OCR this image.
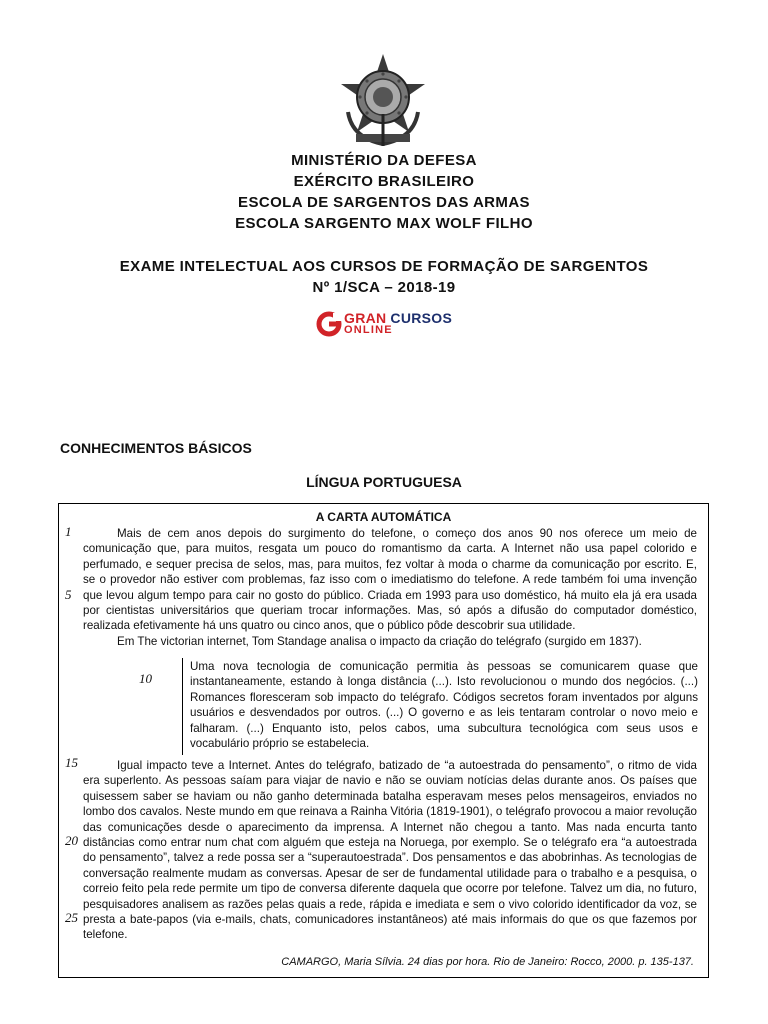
MINISTÉRIO DA DEFESA
EXÉRCITO BRASILEIRO
ESCOLA DE SARGENTOS DAS ARMAS
ESCOLA SARGENTO MAX WOLF FILHO
EXAME INTELECTUAL AOS CURSOS DE FORMAÇÃO DE SARGENTOS
Nº 1/SCA – 2018-19
GRAN CURSOS
ONLINE
CONHECIMENTOS BÁSICOS
LÍNGUA PORTUGUESA
A CARTA AUTOMÁTICA

Mais de cem anos depois do surgimento do telefone, o começo dos anos 90 nos oferece um meio de comunicação que, para muitos, resgata um pouco do romantismo da carta. A Internet não usa papel colorido e perfumado, e sequer precisa de selos, mas, para muitos, fez voltar à moda o charme da comunicação por escrito. E, se o provedor não estiver com problemas, faz isso com o imediatismo do telefone. A rede também foi uma invenção que levou algum tempo para cair no gosto do público. Criada em 1993 para uso doméstico, há muito ela já era usada por cientistas universitários que queriam trocar informações. Mas, só após a difusão do computador doméstico, realizada efetivamente há uns quatro ou cinco anos, que o público pôde descobrir sua utilidade.

Em The victorian internet, Tom Standage analisa o impacto da criação do telégrafo (surgido em 1837).

Uma nova tecnologia de comunicação permitia às pessoas se comunicarem quase que instantaneamente, estando à longa distância (...). Isto revolucionou o mundo dos negócios. (...) Romances floresceram sob impacto do telégrafo. Códigos secretos foram inventados por alguns usuários e desvendados por outros. (...) O governo e as leis tentaram controlar o novo meio e falharam. (...) Enquanto isto, pelos cabos, uma subcultura tecnológica com seus usos e vocabulário próprio se estabelecia.

Igual impacto teve a Internet. Antes do telégrafo, batizado de “a autoestrada do pensamento”, o ritmo de vida era superlento. As pessoas saíam para viajar de navio e não se ouviam notícias delas durante anos. Os países que quisessem saber se haviam ou não ganho determinada batalha esperavam meses pelos mensageiros, enviados no lombo dos cavalos. Neste mundo em que reinava a Rainha Vitória (1819-1901), o telégrafo provocou a maior revolução das comunicações desde o aparecimento da imprensa. A Internet não chegou a tanto. Mas nada encurta tanto distâncias como entrar num chat com alguém que esteja na Noruega, por exemplo. Se o telégrafo era “a autoestrada do pensamento”, talvez a rede possa ser a “superautoestrada”. Dos pensamentos e das abobrinhas. As tecnologias de conversação realmente mudam as conversas. Apesar de ser de fundamental utilidade para o trabalho e a pesquisa, o correio feito pela rede permite um tipo de conversa diferente daquela que ocorre por telefone. Talvez um dia, no futuro, pesquisadores analisem as razões pelas quais a rede, rápida e imediata e sem o vivo colorido identificador da voz, se presta a bate-papos (via e-mails, chats, comunicadores instantâneos) até mais informais do que os que fazemos por telefone.

CAMARGO, Maria Sílvia. 24 dias por hora. Rio de Janeiro: Rocco, 2000. p. 135-137.
1
5
10
15
20
25
